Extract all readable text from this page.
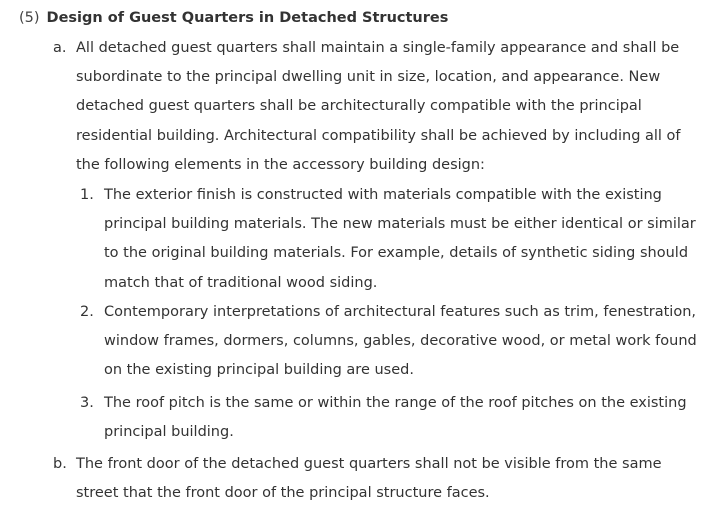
(5) Design of Guest Quarters in Detached Structures
a. All detached guest quarters shall maintain a single-family appearance and shall be subordinate to the principal dwelling unit in size, location, and appearance. New detached guest quarters shall be architecturally compatible with the principal residential building. Architectural compatibility shall be achieved by including all of the following elements in the accessory building design:
1. The exterior finish is constructed with materials compatible with the existing principal building materials. The new materials must be either identical or similar to the original building materials. For example, details of synthetic siding should match that of traditional wood siding.
2. Contemporary interpretations of architectural features such as trim, fenestration, window frames, dormers, columns, gables, decorative wood, or metal work found on the existing principal building are used.
3. The roof pitch is the same or within the range of the roof pitches on the existing principal building.
b. The front door of the detached guest quarters shall not be visible from the same street that the front door of the principal structure faces.
